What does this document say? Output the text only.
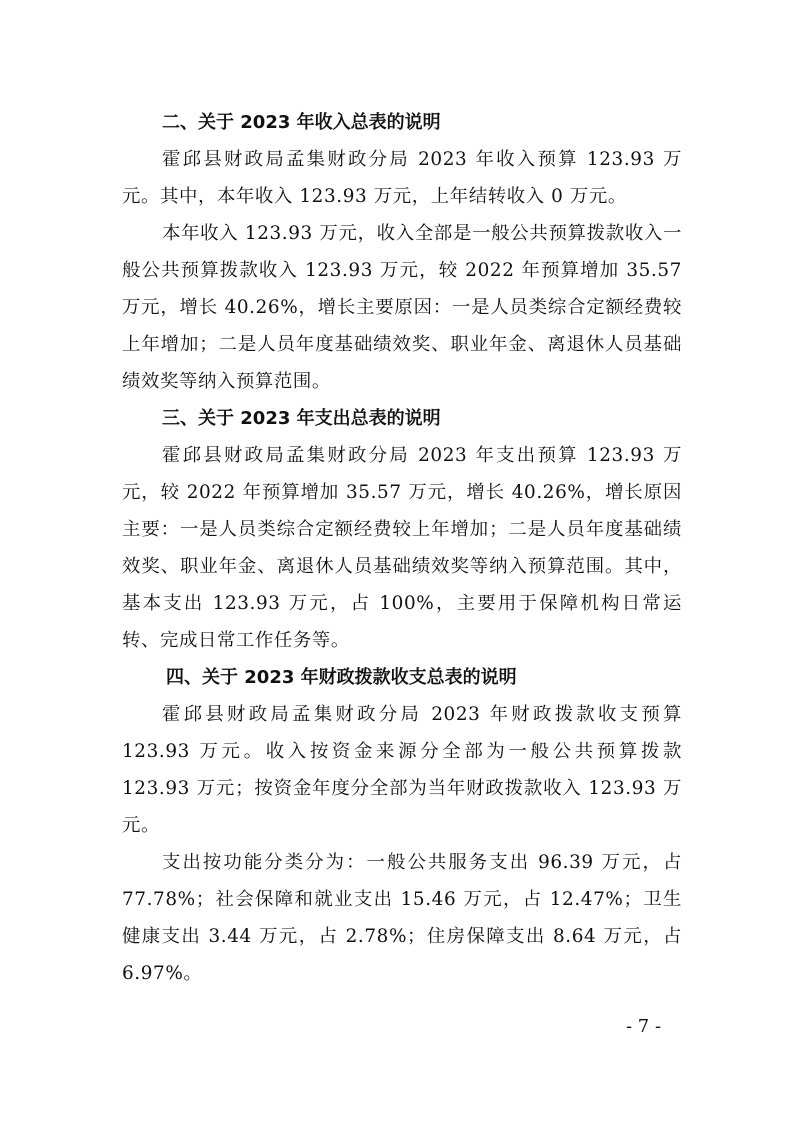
二、关于 2023 年收入总表的说明

霍邱县财政局孟集财政分局 2023 年收入预算 123.93 万元。其中，本年收入 123.93 万元，上年结转收入 0 万元。

本年收入 123.93 万元，收入全部是一般公共预算拨款收入一般公共预算拨款收入 123.93 万元，较 2022 年预算增加 35.57 万元，增长 40.26%，增长主要原因：一是人员类综合定额经费较上年增加；二是人员年度基础绩效奖、职业年金、离退休人员基础绩效奖等纳入预算范围。

三、关于 2023 年支出总表的说明

霍邱县财政局孟集财政分局 2023 年支出预算 123.93 万元，较 2022 年预算增加 35.57 万元，增长 40.26%，增长原因主要：一是人员类综合定额经费较上年增加；二是人员年度基础绩效奖、职业年金、离退休人员基础绩效奖等纳入预算范围。其中，基本支出 123.93 万元，占 100%，主要用于保障机构日常运转、完成日常工作任务等。

四、关于 2023 年财政拨款收支总表的说明

霍邱县财政局孟集财政分局 2023 年财政拨款收支预算 123.93 万元。收入按资金来源分全部为一般公共预算拨款 123.93 万元；按资金年度分全部为当年财政拨款收入 123.93 万元。

支出按功能分类分为：一般公共服务支出 96.39 万元，占 77.78%；社会保障和就业支出 15.46 万元，占 12.47%；卫生健康支出 3.44 万元，占 2.78%；住房保障支出 8.64 万元，占 6.97%。

- 7 -
